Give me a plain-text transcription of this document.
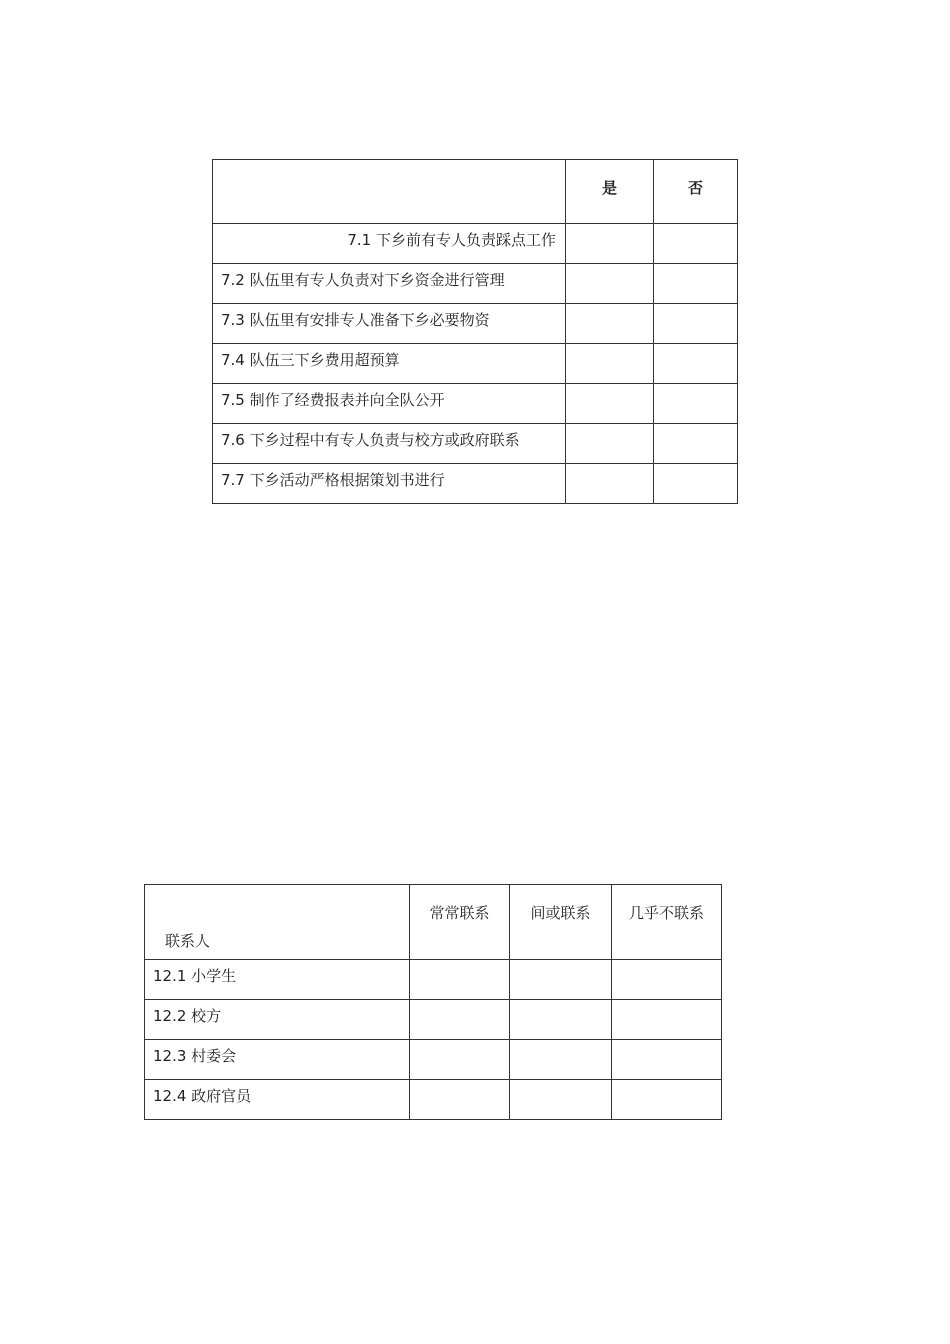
	是	否
7.1 下乡前有专人负责踩点工作		
7.2 队伍里有专人负责对下乡资金进行管理		
7.3 队伍里有安排专人准备下乡必要物资		
7.4 队伍三下乡费用超预算		
7.5 制作了经费报表并向全队公开		
7.6 下乡过程中有专人负责与校方或政府联系		
7.7 下乡活动严格根据策划书进行		
联系人	常常联系	间或联系	几乎不联系
12.1 小学生			
12.2 校方			
12.3 村委会			
12.4 政府官员			
